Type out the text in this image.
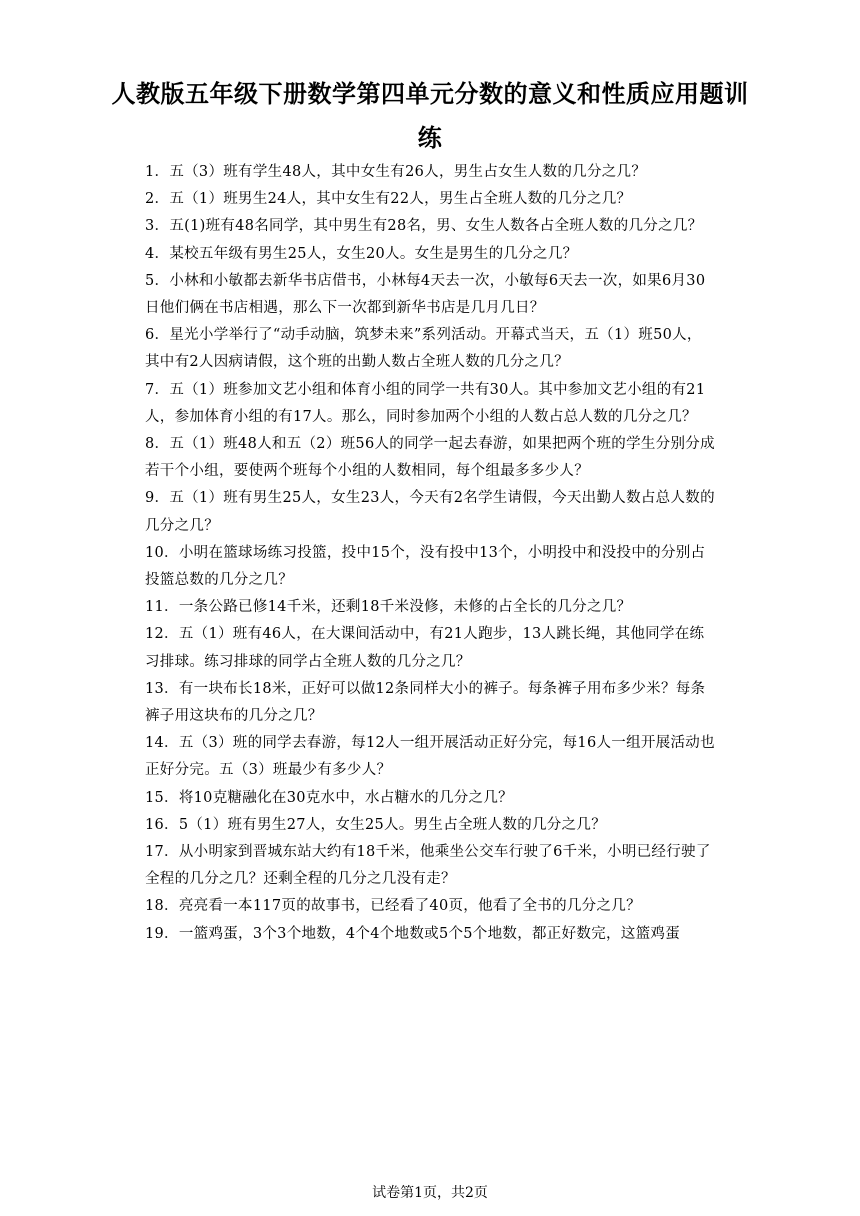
人教版五年级下册数学第四单元分数的意义和性质应用题训
练

1．五（3）班有学生48人，其中女生有26人，男生占女生人数的几分之几？

2．五（1）班男生24人，其中女生有22人，男生占全班人数的几分之几？

3．五(1)班有48名同学，其中男生有28名，男、女生人数各占全班人数的几分之几？

4．某校五年级有男生25人，女生20人。女生是男生的几分之几？

5．小林和小敏都去新华书店借书，小林每4天去一次，小敏每6天去一次，如果6月30日他们俩在书店相遇，那么下一次都到新华书店是几月几日？

6．星光小学举行了“动手动脑，筑梦未来”系列活动。开幕式当天，五（1）班50人，其中有2人因病请假，这个班的出勤人数占全班人数的几分之几？

7．五（1）班参加文艺小组和体育小组的同学一共有30人。其中参加文艺小组的有21人，参加体育小组的有17人。那么，同时参加两个小组的人数占总人数的几分之几？

8．五（1）班48人和五（2）班56人的同学一起去春游，如果把两个班的学生分别分成若干个小组，要使两个班每个小组的人数相同，每个组最多多少人？

9．五（1）班有男生25人，女生23人，今天有2名学生请假，今天出勤人数占总人数的几分之几？

10．小明在篮球场练习投篮，投中15个，没有投中13个，小明投中和没投中的分别占投篮总数的几分之几？

11．一条公路已修14千米，还剩18千米没修，未修的占全长的几分之几？

12．五（1）班有46人，在大课间活动中，有21人跑步，13人跳长绳，其他同学在练习排球。练习排球的同学占全班人数的几分之几？

13．有一块布长18米，正好可以做12条同样大小的裤子。每条裤子用布多少米？每条裤子用这块布的几分之几？

14．五（3）班的同学去春游，每12人一组开展活动正好分完，每16人一组开展活动也正好分完。五（3）班最少有多少人？

15．将10克糖融化在30克水中，水占糖水的几分之几？

16．5（1）班有男生27人，女生25人。男生占全班人数的几分之几？

17．从小明家到晋城东站大约有18千米，他乘坐公交车行驶了6千米，小明已经行驶了全程的几分之几？还剩全程的几分之几没有走？

18．亮亮看一本117页的故事书，已经看了40页，他看了全书的几分之几？

19．一篮鸡蛋，3个3个地数，4个4个地数或5个5个地数，都正好数完，这篮鸡蛋

试卷第1页，共2页
